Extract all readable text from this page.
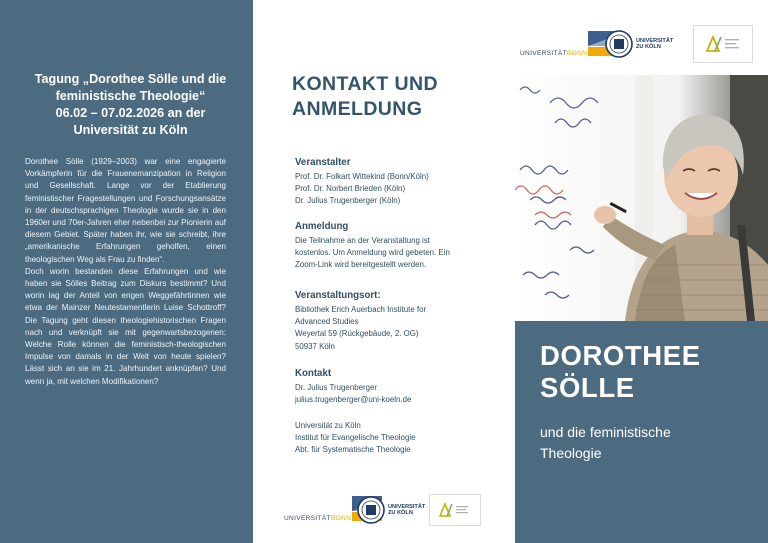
Tagung „Dorothee Sölle und die
feministische Theologie“
06.02 – 07.02.2026 an der
Universität zu Köln

Dorothee Sölle (1929–2003) war eine engagierte Vorkämpferin für die Frauenemanzipation in Religion und Gesellschaft. Lange vor der Etablierung feministischer Fragestellungen und Forschungsansätze in der deutschsprachigen Theologie wurde sie in den 1960er und 70er-Jahren eher nebenbei zur Pionierin auf diesem Gebiet. Später haben ihr, wie sie schreibt, ihre „amerikanische Erfahrungen geholfen, einen theologischen Weg als Frau zu finden“.

Doch worin bestanden diese Erfahrungen und wie haben sie Sölles Beitrag zum Diskurs bestimmt? Und worin lag der Anteil von engen Weggefährtinnen wie etwa der Mainzer Neutestamentlerin Luise Schottroff? Die Tagung geht diesen theologiehistorischen Fragen nach und verknüpft sie mit gegenwartsbezogenen: Welche Rolle können die feministisch-theologischen Impulse von damals in der Welt von heute spielen? Lässt sich an sie im 21. Jahrhundert anknüpfen? Und wenn ja, mit welchen Modifikationen?

UNIVERSITÄTBONN
UNIVERSITÄT
ZU KÖLN
KONTAKT UND
ANMELDUNG
Veranstalter
Prof. Dr. Folkart Wittekind (Bonn/Köln)
Prof. Dr. Norbert Brieden (Köln)
Dr. Julius Trugenberger (Köln)
Anmeldung
Die Teilnahme an der Veranstaltung ist
kostenlos. Um Anmeldung wird gebeten. Ein
Zoom-Link wird bereitgestellt werden.
Veranstaltungsort:
Bibliothek Erich Auerbach Institute for
Advanced Studies
Weyertal 59 (Rückgebäude, 2. OG)
50937 Köln
Kontakt
Dr. Julius Trugenberger
julius.trugenberger@uni-koeln.de
Universität zu Köln
Institut für Evangelische Theologie
Abt. für Systematische Theologie
UNIVERSITÄTBONN
UNIVERSITÄT
ZU KÖLN
DOROTHEE
SÖLLE
und die feministische
Theologie
